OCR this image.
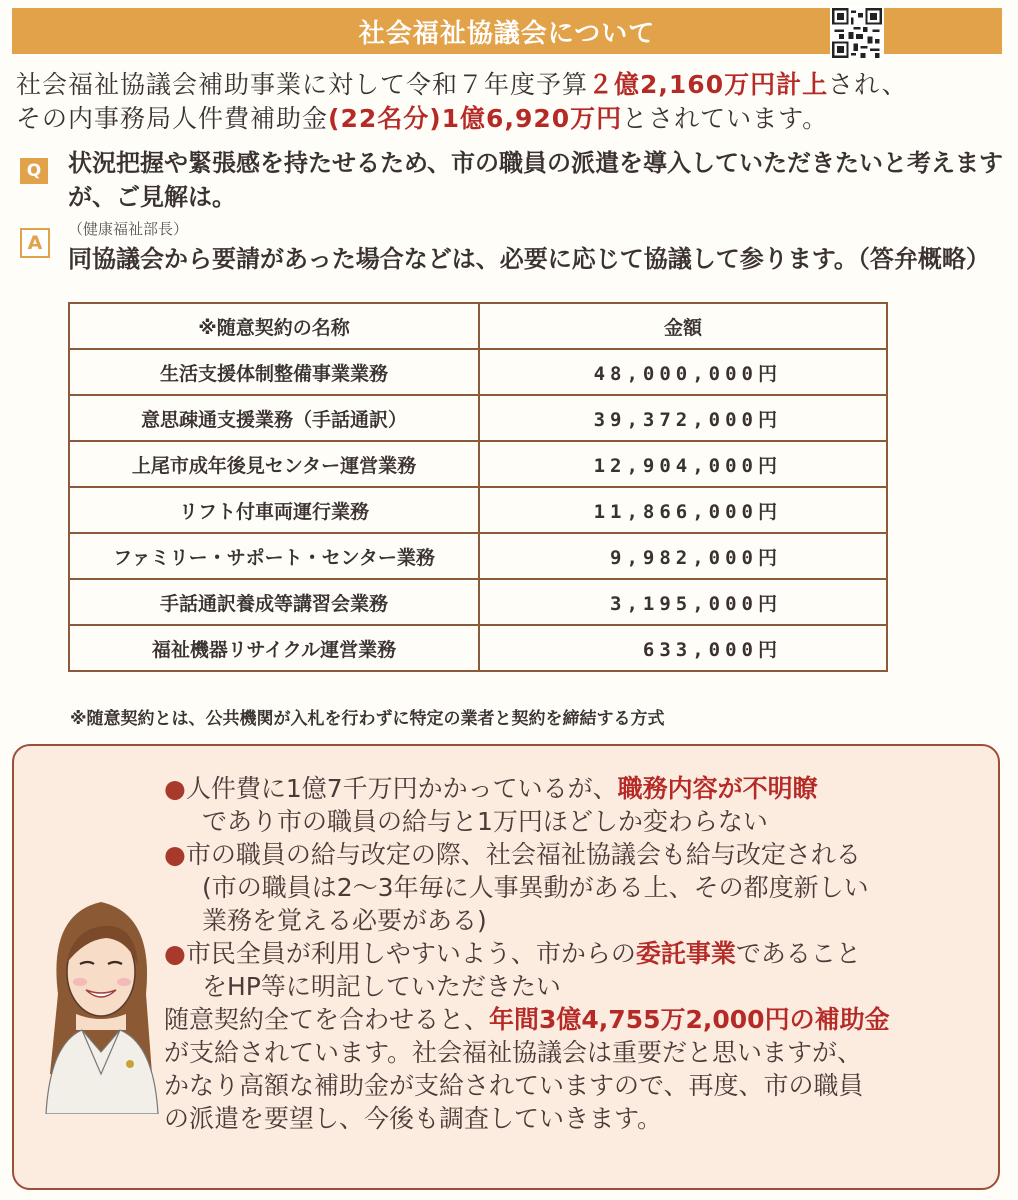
社会福祉協議会について
社会福祉協議会補助事業に対して令和７年度予算２億2,160万円計上され、
その内事務局人件費補助金(22名分)1億6,920万円とされています。
Q 状況把握や緊張感を持たせるため、市の職員の派遣を導入していただきたいと考えますが、ご見解は。
A
（健康福祉部長）
同協議会から要請があった場合などは、必要に応じて協議して参ります。（答弁概略）
※随意契約の名称	金額
生活支援体制整備事業業務	48,000,000円
意思疎通支援業務（手話通訳）	39,372,000円
上尾市成年後見センター運営業務	12,904,000円
リフト付車両運行業務	11,866,000円
ファミリー・サポート・センター業務	9,982,000円
手話通訳養成等講習会業務	3,195,000円
福祉機器リサイクル運営業務	633,000円
※随意契約とは、公共機関が入札を行わずに特定の業者と契約を締結する方式

●人件費に1億7千万円かかっているが、職務内容が不明瞭

であり市の職員の給与と1万円ほどしか変わらない

●市の職員の給与改定の際、社会福祉協議会も給与改定される

(市の職員は2〜3年毎に人事異動がある上、その都度新しい

業務を覚える必要がある)

●市民全員が利用しやすいよう、市からの委託事業であること

をHP等に明記していただきたい

随意契約全てを合わせると、年間3億4,755万2,000円の補助金

が支給されています。社会福祉協議会は重要だと思いますが、

かなり高額な補助金が支給されていますので、再度、市の職員

の派遣を要望し、今後も調査していきます。
